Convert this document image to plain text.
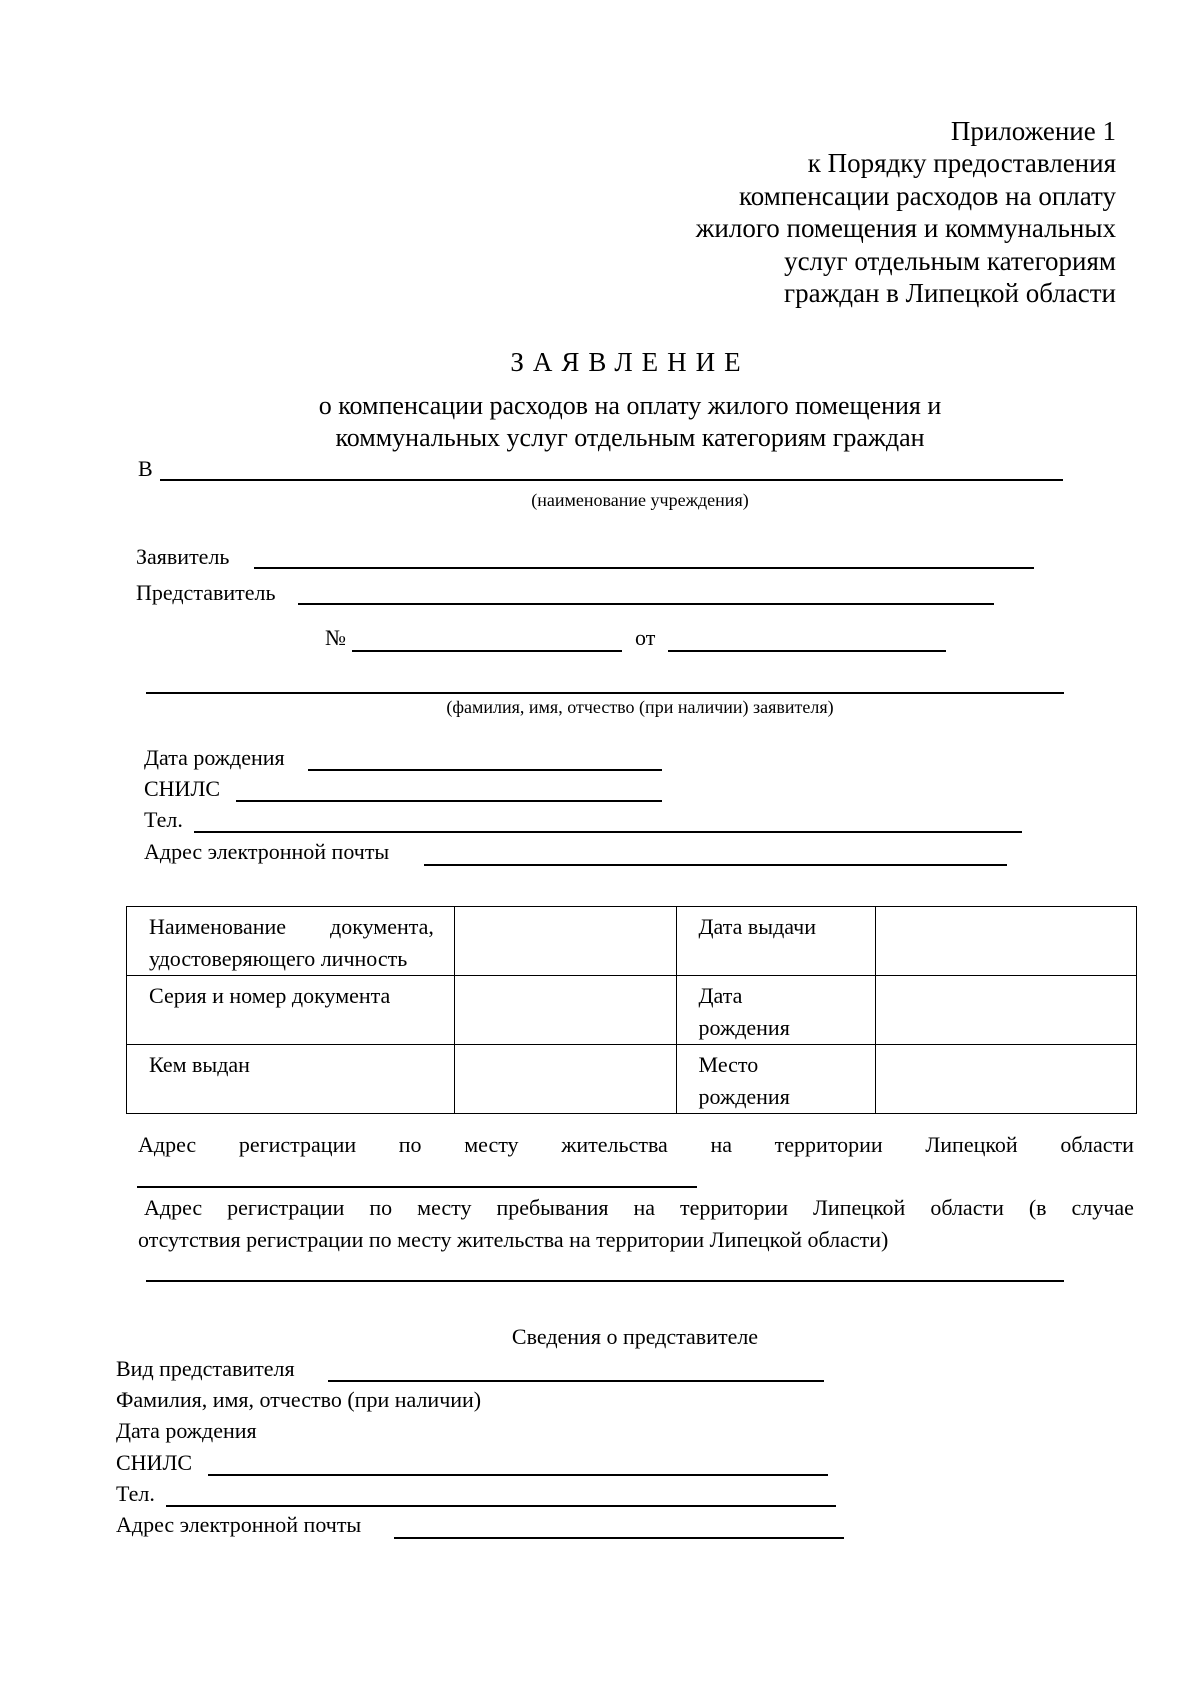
Приложение 1
к Порядку предоставления
компенсации расходов на оплату
жилого помещения и коммунальных
услуг отдельным категориям
граждан в Липецкой области
ЗАЯВЛЕНИЕ
о компенсации расходов на оплату жилого помещения и
коммунальных услуг отдельным категориям граждан
В
(наименование учреждения)
Заявитель
Представитель
№	от
(фамилия, имя, отчество (при наличии) заявителя)
Дата рождения
СНИЛС
Тел.
Адрес электронной почты
Наименование документа,
удостоверяющего личность		Дата выдачи	
Серия и номер документа		Дата
рождения	

Кем выдан		Место
рождения	

Адрес регистрации по месту жительства на территории Липецкой области
Адрес регистрации по месту пребывания на территории Липецкой области (в случае
отсутствия регистрации по месту жительства на территории Липецкой области)
Сведения о представителе
Вид представителя
Фамилия, имя, отчество (при наличии)
Дата рождения
СНИЛС
Тел.
Адрес электронной почты
